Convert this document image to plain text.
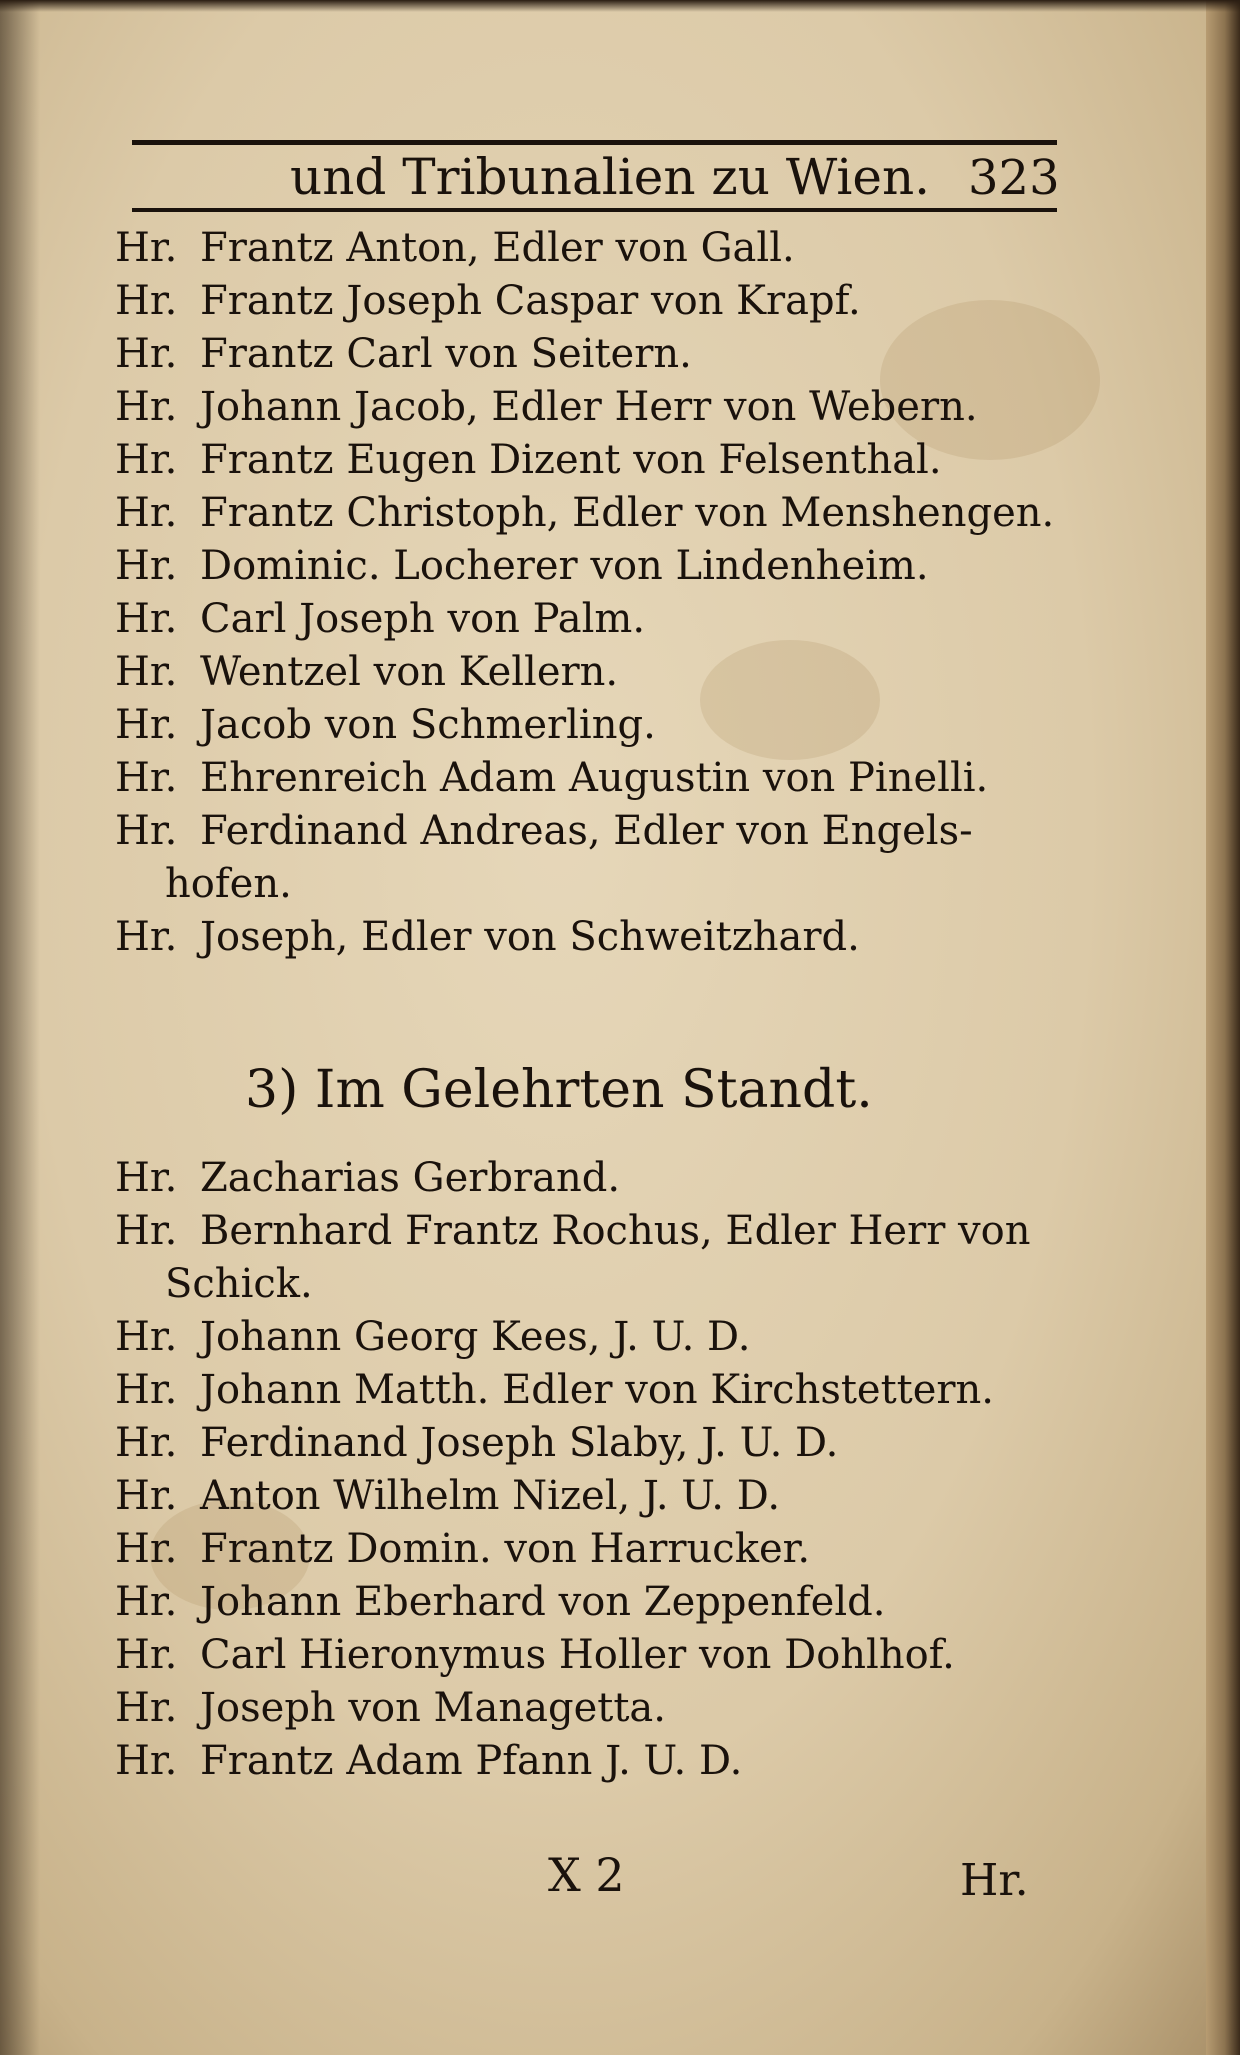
und Tribunalien zu Wien. 323
Hr. Frantz Anton, Edler von Gall.
Hr. Frantz Joseph Caspar von Krapf.
Hr. Frantz Carl von Seitern.
Hr. Johann Jacob, Edler Herr von Webern.
Hr. Frantz Eugen Dizent von Felsenthal.
Hr. Frantz Christoph, Edler von Menshengen.
Hr. Dominic. Locherer von Lindenheim.
Hr. Carl Joseph von Palm.
Hr. Wentzel von Kellern.
Hr. Jacob von Schmerling.
Hr. Ehrenreich Adam Augustin von Pinelli.
Hr. Ferdinand Andreas, Edler von Engels-
hofen.
Hr. Joseph, Edler von Schweitzhard.
3) Im Gelehrten Standt.
Hr. Zacharias Gerbrand.
Hr. Bernhard Frantz Rochus, Edler Herr von
Schick.
Hr. Johann Georg Kees, J. U. D.
Hr. Johann Matth. Edler von Kirchstettern.
Hr. Ferdinand Joseph Slaby, J. U. D.
Hr. Anton Wilhelm Nizel, J. U. D.
Hr. Frantz Domin. von Harrucker.
Hr. Johann Eberhard von Zeppenfeld.
Hr. Carl Hieronymus Holler von Dohlhof.
Hr. Joseph von Managetta.
Hr. Frantz Adam Pfann J. U. D.
X 2	Hr.
